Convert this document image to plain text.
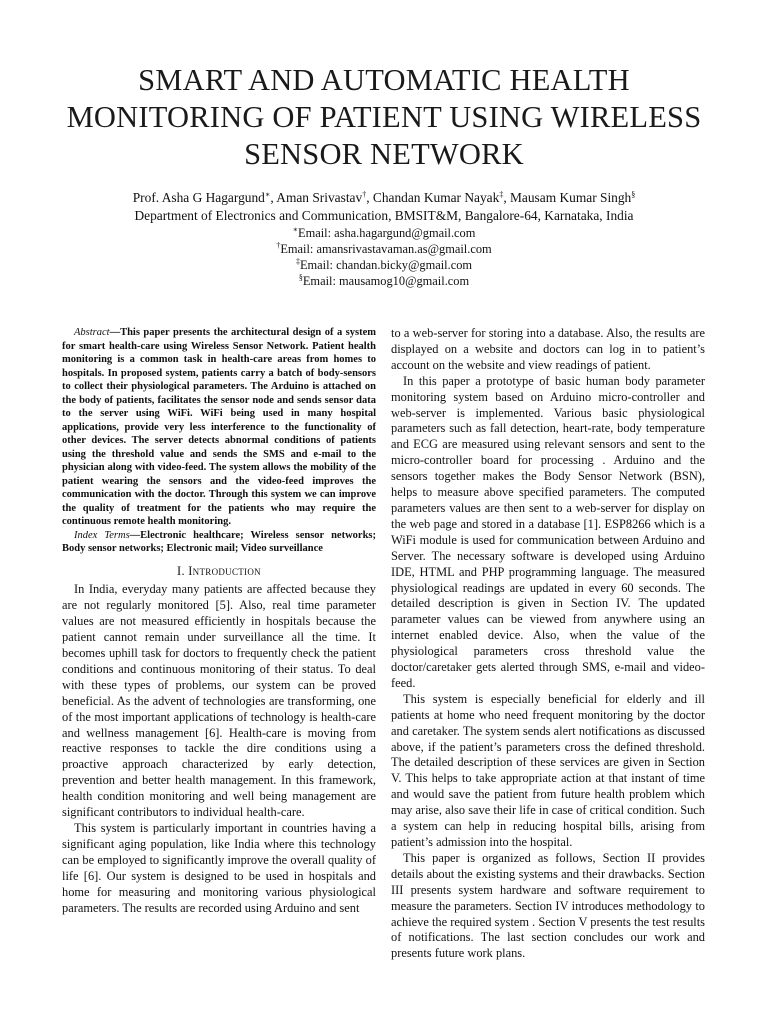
SMART AND AUTOMATIC HEALTH
MONITORING OF PATIENT USING WIRELESS
SENSOR NETWORK
Prof. Asha G Hagargund∗, Aman Srivastav†, Chandan Kumar Nayak‡, Mausam Kumar Singh§
Department of Electronics and Communication, BMSIT&M, Bangalore-64, Karnataka, India
∗Email: asha.hagargund@gmail.com
†Email: amansrivastavaman.as@gmail.com
‡Email: chandan.bicky@gmail.com
§Email: mausamog10@gmail.com

Abstract—This paper presents the architectural design of a system for smart health-care using Wireless Sensor Network. Patient health monitoring is a common task in health-care areas from homes to hospitals. In proposed system, patients carry a batch of body-sensors to collect their physiological parameters. The Arduino is attached on the body of patients, facilitates the sensor node and sends sensor data to the server using WiFi. WiFi being used in many hospital applications, provide very less interference to the functionality of other devices. The server detects abnormal conditions of patients using the threshold value and sends the SMS and e-mail to the physician along with video-feed. The system allows the mobility of the patient wearing the sensors and the video-feed improves the communication with the doctor. Through this system we can improve the quality of treatment for the patients who may require the continuous remote health monitoring.

Index Terms—Electronic healthcare; Wireless sensor networks; Body sensor networks; Electronic mail; Video surveillance

I. Introduction

In India, everyday many patients are affected because they are not regularly monitored [5]. Also, real time parameter values are not measured efficiently in hospitals because the patient cannot remain under surveillance all the time. It becomes uphill task for doctors to frequently check the patient conditions and continuous monitoring of their status. To deal with these types of problems, our system can be proved beneficial. As the advent of technologies are transforming, one of the most important applications of technology is health-care and wellness management [6]. Health-care is moving from reactive responses to tackle the dire conditions using a proactive approach characterized by early detection, prevention and better health management. In this framework, health condition monitoring and well being management are significant contributors to individual health-care.

This system is particularly important in countries having a significant aging population, like India where this technology can be employed to significantly improve the overall quality of life [6]. Our system is designed to be used in hospitals and home for measuring and monitoring various physiological parameters. The results are recorded using Arduino and sent

to a web-server for storing into a database. Also, the results are displayed on a website and doctors can log in to patient’s account on the website and view readings of patient.

In this paper a prototype of basic human body parameter monitoring system based on Arduino micro-controller and web-server is implemented. Various basic physiological parameters such as fall detection, heart-rate, body temperature and ECG are measured using relevant sensors and sent to the micro-controller board for processing . Arduino and the sensors together makes the Body Sensor Network (BSN), helps to measure above specified parameters. The computed parameters values are then sent to a web-server for display on the web page and stored in a database [1]. ESP8266 which is a WiFi module is used for communication between Arduino and Server. The necessary software is developed using Arduino IDE, HTML and PHP programming language. The measured physiological readings are updated in every 60 seconds. The detailed description is given in Section IV. The updated parameter values can be viewed from anywhere using an internet enabled device. Also, when the value of the physiological parameters cross threshold value the doctor/caretaker gets alerted through SMS, e-mail and video-feed.

This system is especially beneficial for elderly and ill patients at home who need frequent monitoring by the doctor and caretaker. The system sends alert notifications as discussed above, if the patient’s parameters cross the defined threshold. The detailed description of these services are given in Section V. This helps to take appropriate action at that instant of time and would save the patient from future health problem which may arise, also save their life in case of critical condition. Such a system can help in reducing hospital bills, arising from patient’s admission into the hospital.

This paper is organized as follows, Section II provides details about the existing systems and their drawbacks. Section III presents system hardware and software requirement to measure the parameters. Section IV introduces methodology to achieve the required system . Section V presents the test results of notifications. The last section concludes our work and presents future work plans.
